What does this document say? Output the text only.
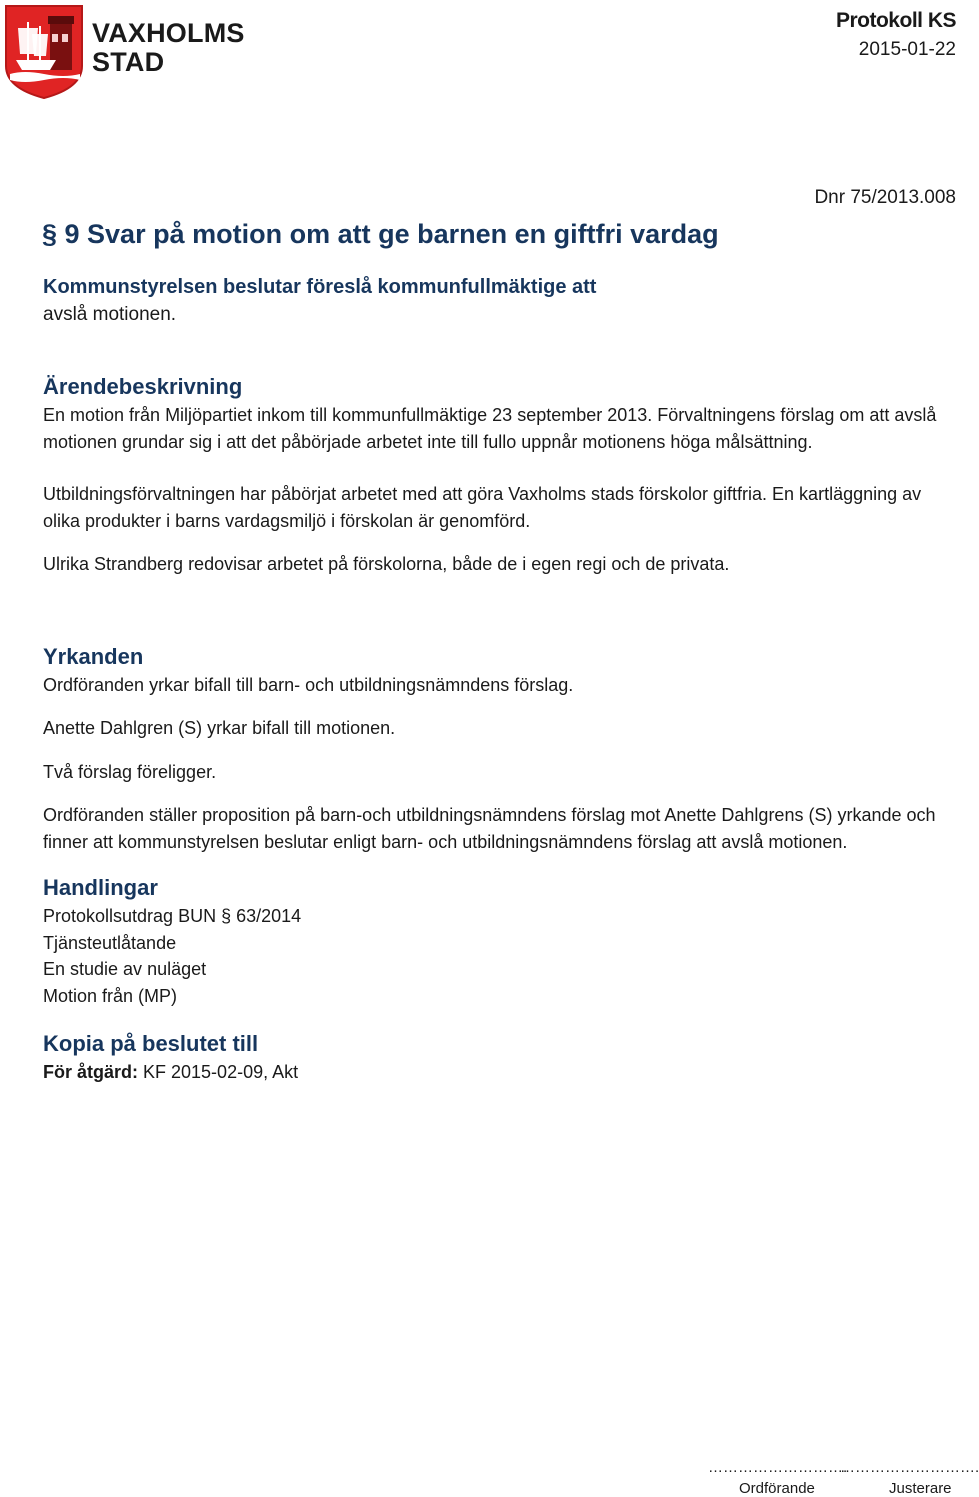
VAXHOLMS
STAD
Protokoll KS
2015-01-22
Dnr 75/2013.008
§ 9 Svar på motion om att ge barnen en giftfri vardag
Kommunstyrelsen beslutar föreslå kommunfullmäktige att
avslå motionen.
Ärendebeskrivning

En motion från Miljöpartiet inkom till kommunfullmäktige 23 september 2013. Förvaltningens förslag om att avslå motionen grundar sig i att det påbörjade arbetet inte till fullo uppnår motionens höga målsättning.

Utbildningsförvaltningen har påbörjat arbetet med att göra Vaxholms stads förskolor giftfria. En kartläggning av olika produkter i barns vardagsmiljö i förskolan är genomförd.

Ulrika Strandberg redovisar arbetet på förskolorna, både de i egen regi och de privata.

Yrkanden

Ordföranden yrkar bifall till barn- och utbildningsnämndens förslag.

Anette Dahlgren (S) yrkar bifall till motionen.

Två förslag föreligger.

Ordföranden ställer proposition på barn-och utbildningsnämndens förslag mot Anette Dahlgrens (S) yrkande och finner att kommunstyrelsen beslutar enligt barn- och utbildningsnämndens förslag att avslå motionen.

Handlingar

Protokollsutdrag BUN § 63/2014

Tjänsteutlåtande

En studie av nuläget

Motion från (MP)

Kopia på beslutet till

För åtgärd: KF 2015-02-09, Akt

……………………….
……………………….
Ordförande	Justerare
